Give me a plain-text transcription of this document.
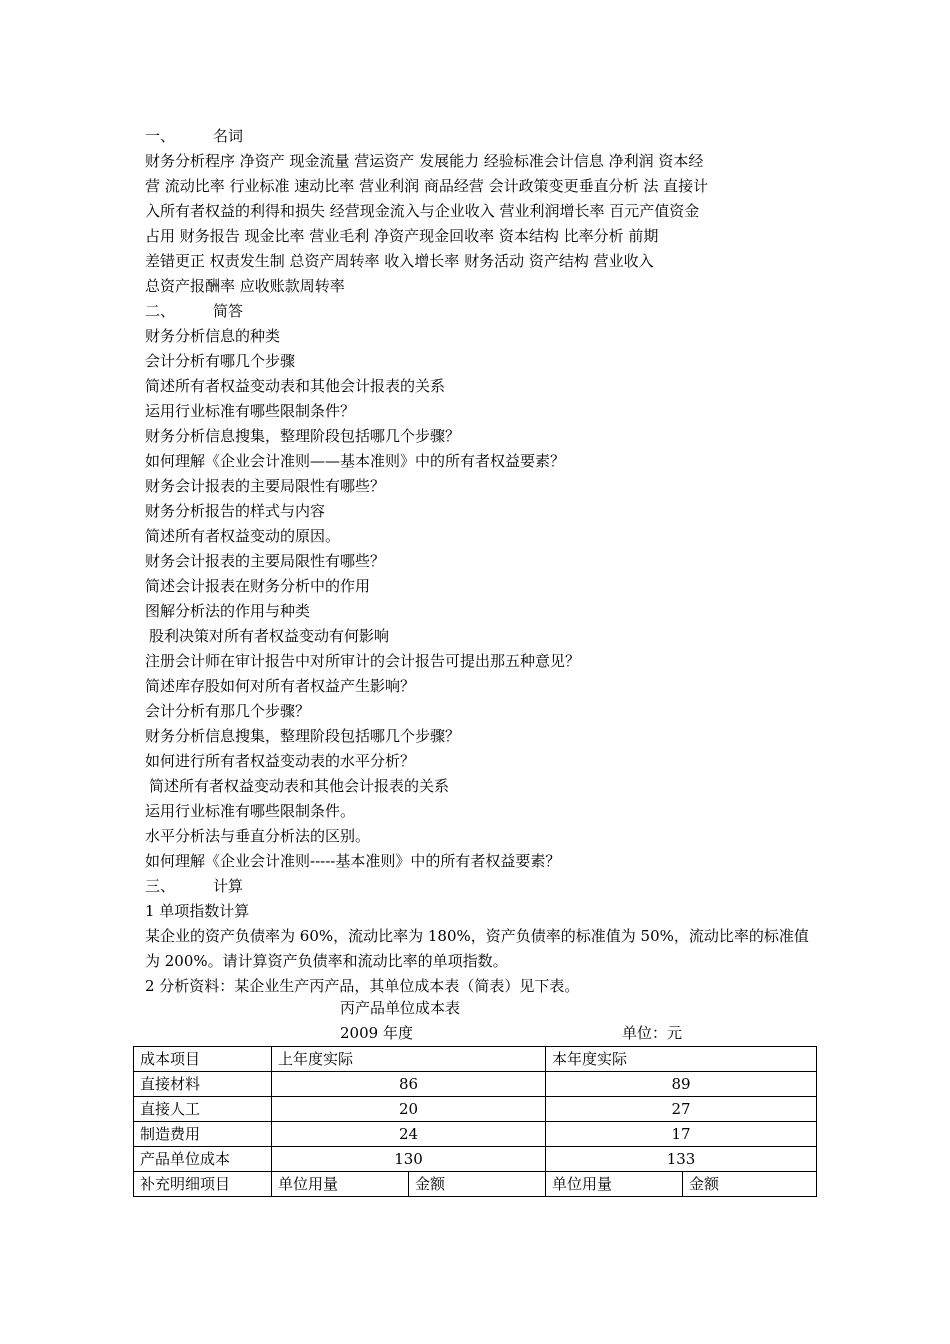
一、	名词
财务分析程序 净资产 现金流量 营运资产 发展能力 经验标准会计信息 净利润 资本经
营 流动比率 行业标准 速动比率 营业利润 商品经营 会计政策变更垂直分析 法 直接计
入所有者权益的利得和损失 经营现金流入与企业收入 营业利润增长率 百元产值资金
占用 财务报告 现金比率 营业毛利 净资产现金回收率 资本结构 比率分析 前期
差错更正 权责发生制 总资产周转率 收入增长率 财务活动 资产结构 营业收入
总资产报酬率 应收账款周转率
二、	简答
财务分析信息的种类
会计分析有哪几个步骤
简述所有者权益变动表和其他会计报表的关系
运用行业标准有哪些限制条件？
财务分析信息搜集，整理阶段包括哪几个步骤？
如何理解《企业会计准则——基本准则》中的所有者权益要素？
财务会计报表的主要局限性有哪些？
财务分析报告的样式与内容
简述所有者权益变动的原因。
财务会计报表的主要局限性有哪些？
简述会计报表在财务分析中的作用
图解分析法的作用与种类
股利决策对所有者权益变动有何影响
注册会计师在审计报告中对所审计的会计报告可提出那五种意见？
简述库存股如何对所有者权益产生影响？
会计分析有那几个步骤？
财务分析信息搜集，整理阶段包括哪几个步骤？
如何进行所有者权益变动表的水平分析？
简述所有者权益变动表和其他会计报表的关系
运用行业标准有哪些限制条件。
水平分析法与垂直分析法的区别。
如何理解《企业会计准则-----基本准则》中的所有者权益要素？
三、	计算
1 单项指数计算
某企业的资产负债率为 60%，流动比率为 180%，资产负债率的标准值为 50%，流动比率的标准值为 200%。请计算资产负债率和流动比率的单项指数。
2 分析资料：某企业生产丙产品，其单位成本表（简表）见下表。
丙产品单位成本表
2009 年度	单位：元
成本项目	上年度实际		本年度实际	
直接材料	86		89	
直接人工	20		27	
制造费用	24		17	
产品单位成本	130		133	
补充明细项目	单位用量	金额	单位用量	金额
